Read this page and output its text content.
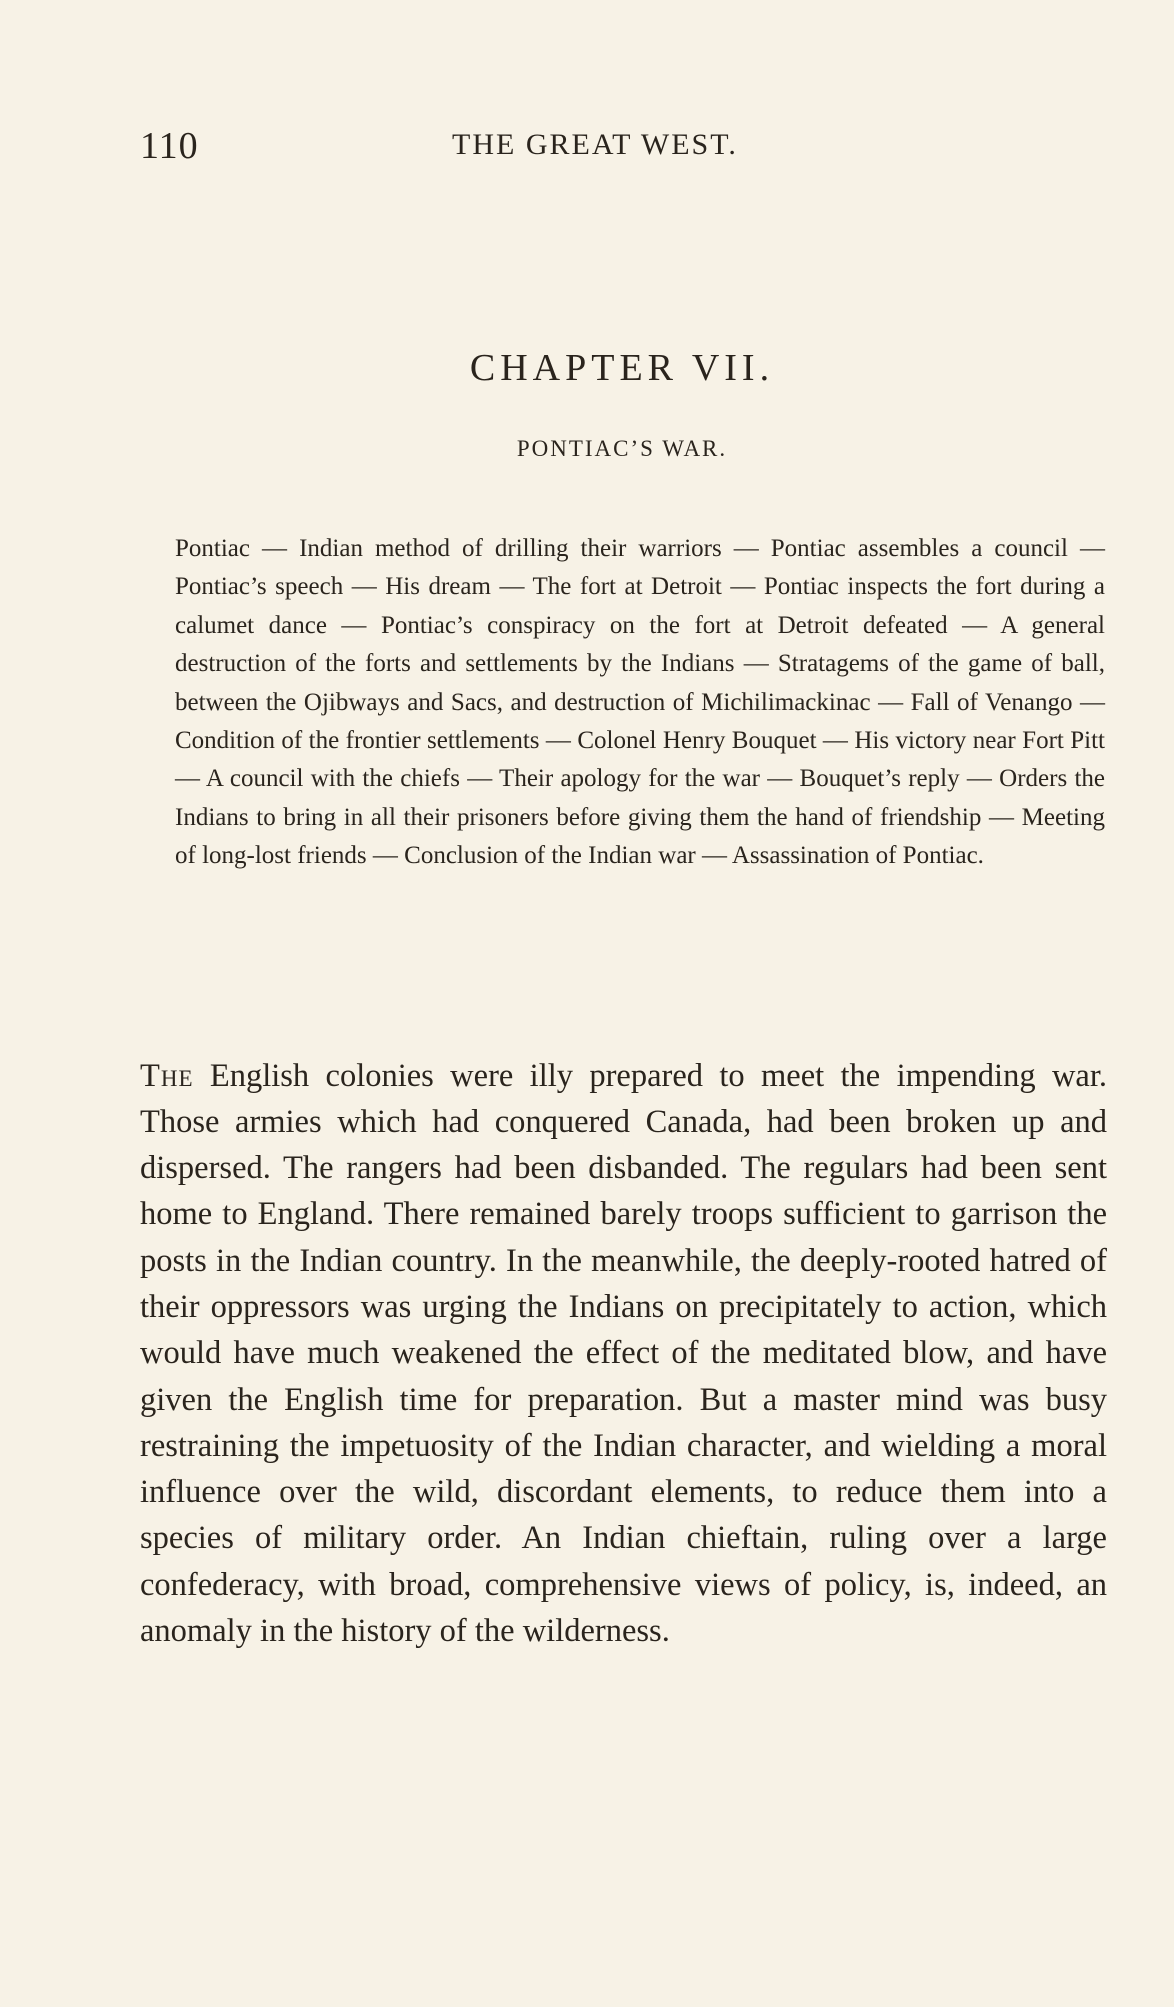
110	THE GREAT WEST.
CHAPTER VII.
PONTIAC’S WAR.

Pontiac — Indian method of drilling their warriors — Pontiac assembles a council — Pontiac’s speech — His dream — The fort at Detroit — Pontiac inspects the fort during a calumet dance — Pontiac’s conspiracy on the fort at Detroit defeated — A general destruction of the forts and settlements by the Indians — Stratagems of the game of ball, between the Ojibways and Sacs, and destruction of Michilimackinac — Fall of Venango — Condition of the frontier settlements — Colonel Henry Bouquet — His victory near Fort Pitt — A council with the chiefs — Their apology for the war — Bouquet’s reply — Orders the Indians to bring in all their prisoners before giving them the hand of friendship — Meeting of long-lost friends — Conclusion of the Indian war — Assassination of Pontiac.

The English colonies were illy prepared to meet the impending war. Those armies which had conquered Canada, had been broken up and dispersed. The rangers had been disbanded. The regulars had been sent home to England. There remained barely troops sufficient to garrison the posts in the Indian country. In the meanwhile, the deeply-rooted hatred of their oppressors was urging the Indians on precipitately to action, which would have much weakened the effect of the meditated blow, and have given the English time for preparation. But a master mind was busy restraining the impetuosity of the Indian character, and wielding a moral influence over the wild, discordant elements, to reduce them into a species of military order. An Indian chieftain, ruling over a large confederacy, with broad, comprehensive views of policy, is, indeed, an anomaly in the history of the wilderness.
